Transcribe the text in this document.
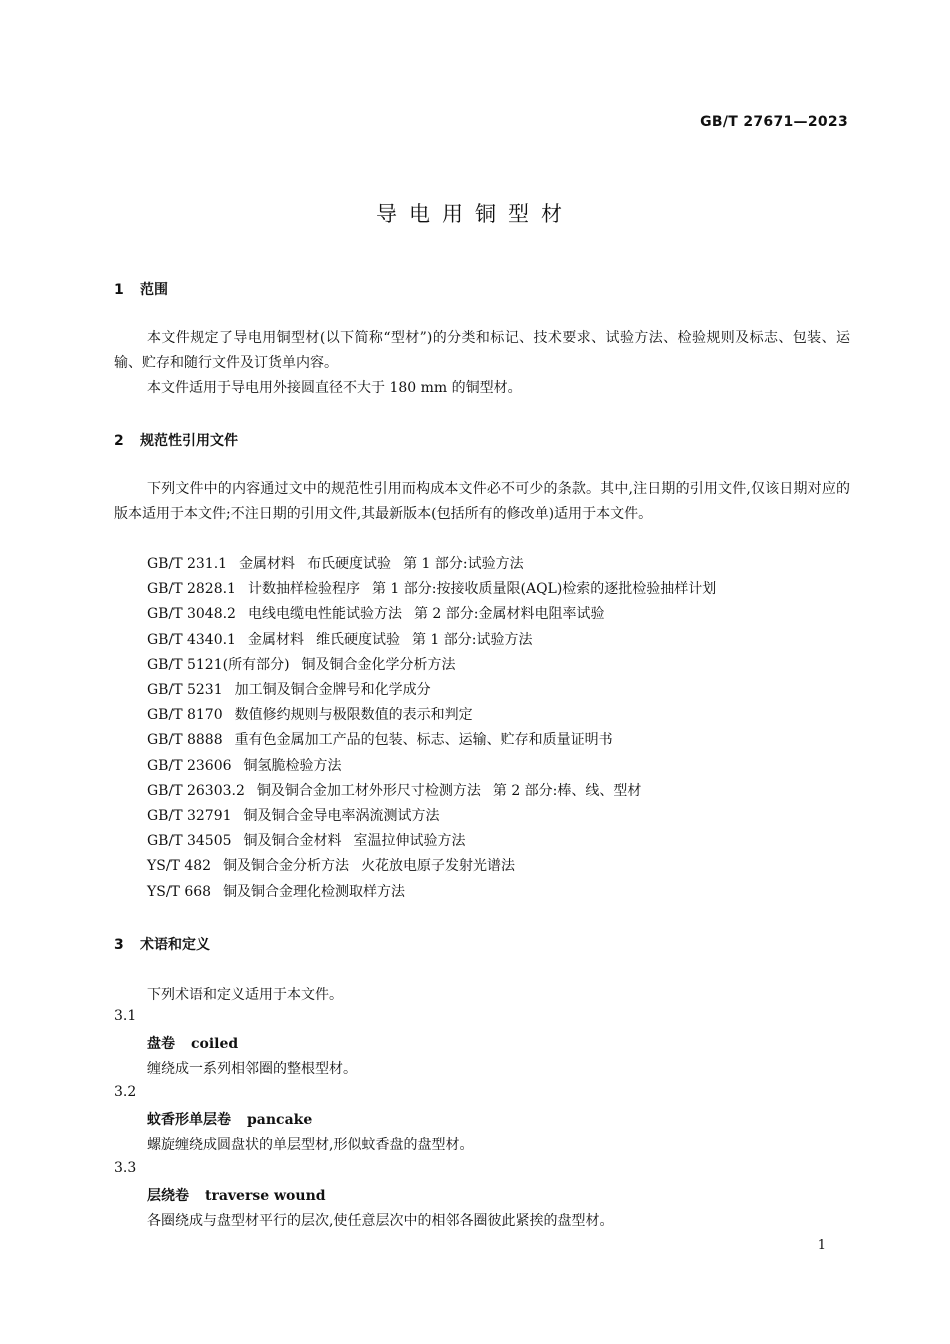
GB/T 27671—2023
导电用铜型材
1 范围
本文件规定了导电用铜型材(以下简称“型材”)的分类和标记、技术要求、试验方法、检验规则及标志、包装、运输、贮存和随行文件及订货单内容。
本文件适用于导电用外接圆直径不大于 180 mm 的铜型材。
2 规范性引用文件
下列文件中的内容通过文中的规范性引用而构成本文件必不可少的条款。其中,注日期的引用文件,仅该日期对应的版本适用于本文件;不注日期的引用文件,其最新版本(包括所有的修改单)适用于本文件。
GB/T 231.1 金属材料 布氏硬度试验 第 1 部分:试验方法
GB/T 2828.1 计数抽样检验程序 第 1 部分:按接收质量限(AQL)检索的逐批检验抽样计划
GB/T 3048.2 电线电缆电性能试验方法 第 2 部分:金属材料电阻率试验
GB/T 4340.1 金属材料 维氏硬度试验 第 1 部分:试验方法
GB/T 5121(所有部分) 铜及铜合金化学分析方法
GB/T 5231 加工铜及铜合金牌号和化学成分
GB/T 8170 数值修约规则与极限数值的表示和判定
GB/T 8888 重有色金属加工产品的包装、标志、运输、贮存和质量证明书
GB/T 23606 铜氢脆检验方法
GB/T 26303.2 铜及铜合金加工材外形尺寸检测方法 第 2 部分:棒、线、型材
GB/T 32791 铜及铜合金导电率涡流测试方法
GB/T 34505 铜及铜合金材料 室温拉伸试验方法
YS/T 482 铜及铜合金分析方法 火花放电原子发射光谱法
YS/T 668 铜及铜合金理化检测取样方法
3 术语和定义
下列术语和定义适用于本文件。
3.1
盘卷 coiled
缠绕成一系列相邻圈的整根型材。
3.2
蚊香形单层卷 pancake
螺旋缠绕成圆盘状的单层型材,形似蚊香盘的盘型材。
3.3
层绕卷 traverse wound
各圈绕成与盘型材平行的层次,使任意层次中的相邻各圈彼此紧挨的盘型材。
1
